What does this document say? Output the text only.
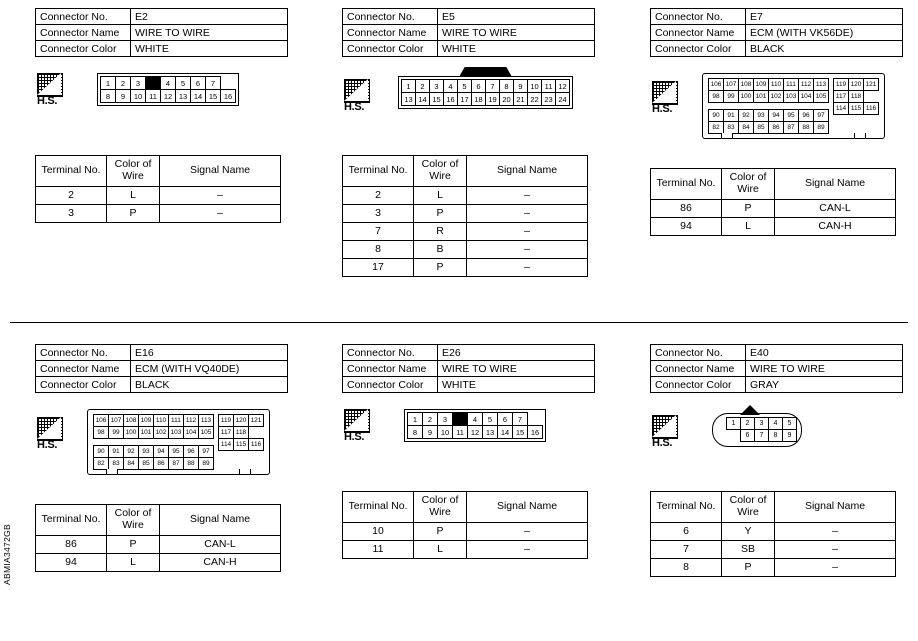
ABMIA3472GB
Connector No.	E2
Connector Name	WIRE TO WIRE
Connector Color	WHITE
H.S.
1	2	3		4	5	6	7	
8	9	10	11	12	13	14	15	16
Terminal No.	Color of Wire	Signal Name
2	L	–
3	P	–
Connector No.	E5
Connector Name	WIRE TO WIRE
Connector Color	WHITE
H.S.
1	2	3	4	5	6	7	8	9	10	11	12
13	14	15	16	17	18	19	20	21	22	23	24
Terminal No.	Color of Wire	Signal Name
2	L	–
3	P	–
7	R	–
8	B	–
17	P	–
Connector No.	E7
Connector Name	ECM (WITH VK56DE)
Connector Color	BLACK
H.S.
106	107	108	109	110	111	112	113
98	99	100	101	102	103	104	105

90	91	92	93	94	95	96	97
82	83	84	85	86	87	88	89

119	120	121
117	118	
114	115	116
Terminal No.	Color of Wire	Signal Name
86	P	CAN-L
94	L	CAN-H
Connector No.	E16
Connector Name	ECM (WITH VQ40DE)
Connector Color	BLACK
H.S.
106	107	108	109	110	111	112	113
98	99	100	101	102	103	104	105

90	91	92	93	94	95	96	97
82	83	84	85	86	87	88	89

119	120	121
117	118	
114	115	116
Terminal No.	Color of Wire	Signal Name
86	P	CAN-L
94	L	CAN-H
Connector No.	E26
Connector Name	WIRE TO WIRE
Connector Color	WHITE
H.S.
1	2	3		4	5	6	7	
8	9	10	11	12	13	14	15	16
Terminal No.	Color of Wire	Signal Name
10	P	–
11	L	–
Connector No.	E40
Connector Name	WIRE TO WIRE
Connector Color	GRAY
H.S.
1	2	3	4	5
	6	7	8	9
Terminal No.	Color of Wire	Signal Name
6	Y	–
7	SB	–
8	P	–
